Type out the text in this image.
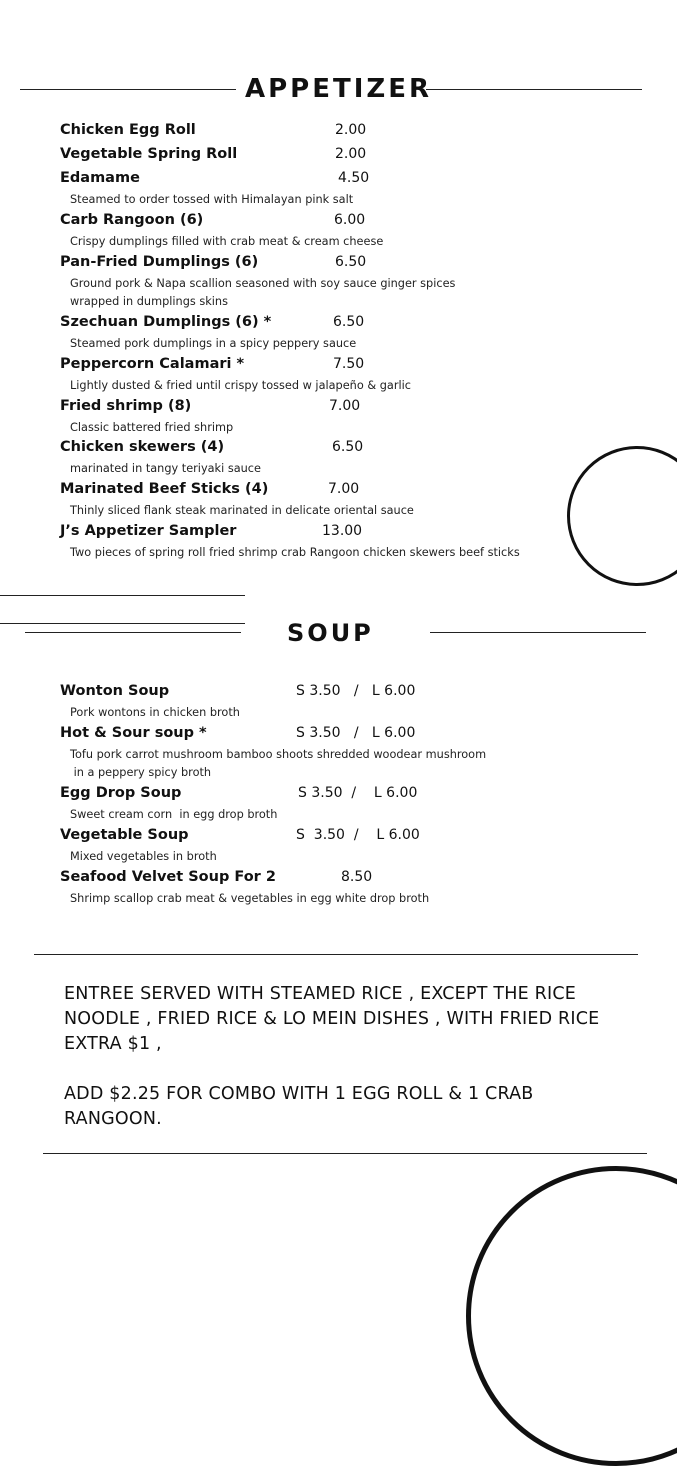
APPETIZER
Chicken Egg Roll	2.00
Vegetable Spring Roll	2.00
Edamame	4.50
Steamed to order tossed with Himalayan pink salt
Carb Rangoon (6)	6.00
Crispy dumplings filled with crab meat & cream cheese
Pan-Fried Dumplings (6)	6.50
Ground pork & Napa scallion seasoned with soy sauce ginger spices
wrapped in dumplings skins
Szechuan Dumplings (6) *	6.50
Steamed pork dumplings in a spicy peppery sauce
Peppercorn Calamari *	7.50
Lightly dusted & fried until crispy tossed w jalapeño & garlic
Fried shrimp (8)	7.00
Classic battered fried shrimp
Chicken skewers (4)	6.50
marinated in tangy teriyaki sauce
Marinated Beef Sticks (4)	7.00
Thinly sliced flank steak marinated in delicate oriental sauce
J’s Appetizer Sampler	13.00
Two pieces of spring roll fried shrimp crab Rangoon chicken skewers beef sticks
SOUP
Wonton Soup	S 3.50   /   L 6.00
Pork wontons in chicken broth
Hot & Sour soup *	S 3.50   /   L 6.00
Tofu pork carrot mushroom bamboo shoots shredded woodear mushroom
in a peppery spicy broth
Egg Drop Soup	S 3.50  /    L 6.00
Sweet cream corn  in egg drop broth
Vegetable Soup	S  3.50  /    L 6.00
Mixed vegetables in broth
Seafood Velvet Soup For 2	8.50
Shrimp scallop crab meat & vegetables in egg white drop broth
ENTREE SERVED WITH STEAMED RICE , EXCEPT THE RICE NOODLE , FRIED RICE & LO MEIN DISHES , WITH FRIED RICE EXTRA $1 ,
ADD $2.25 FOR COMBO WITH 1 EGG ROLL & 1 CRAB RANGOON.
